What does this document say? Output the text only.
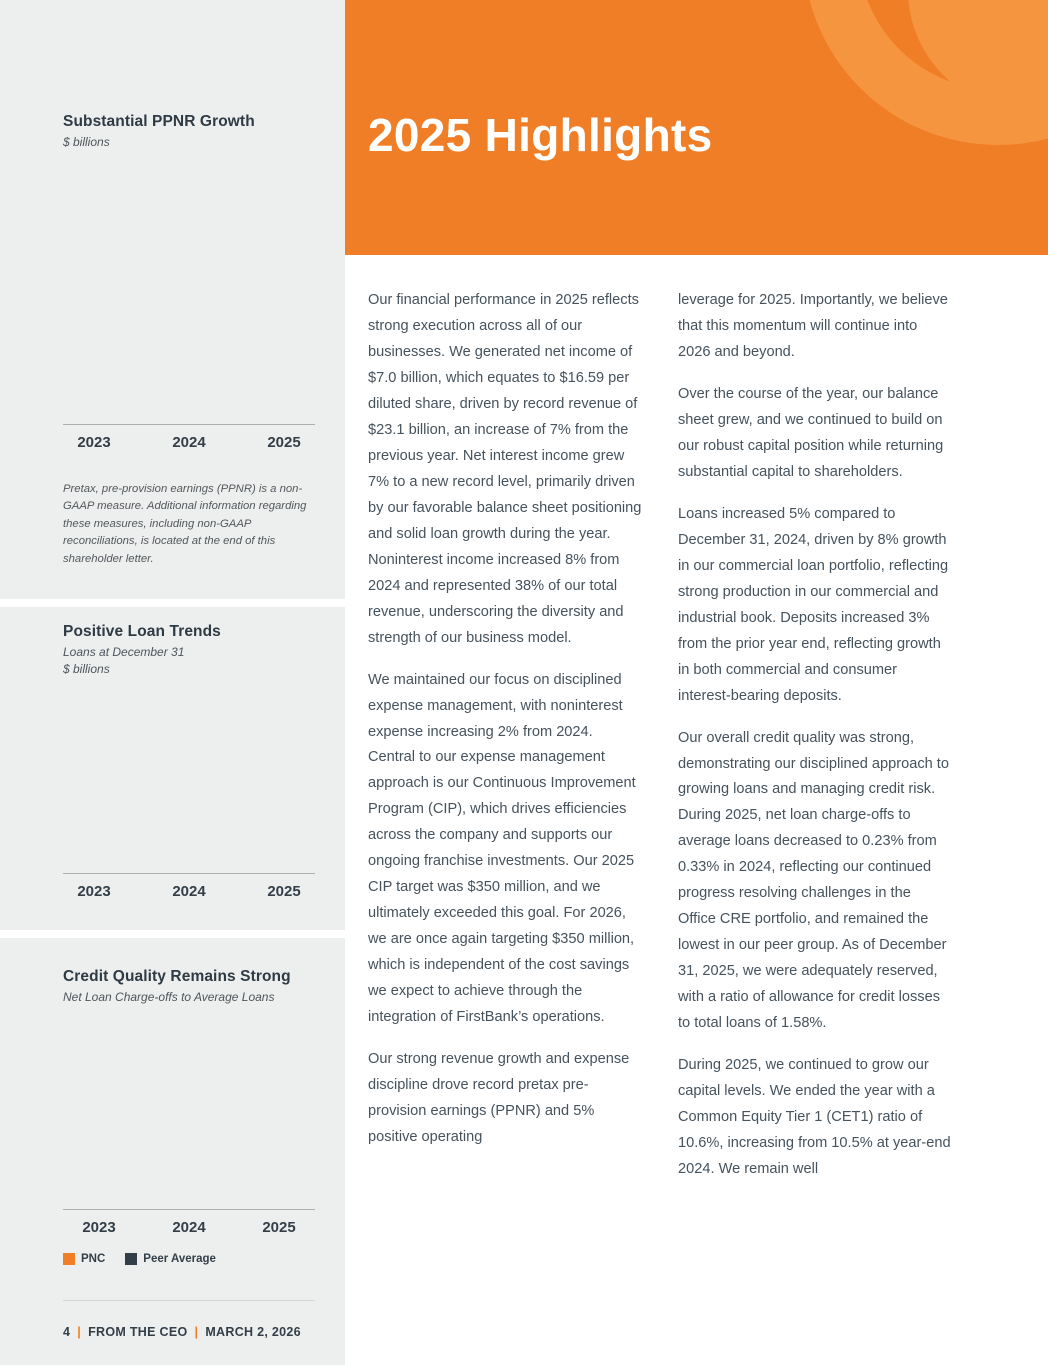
Substantial PPNR Growth
$ billions
2023	2024	2025

Pretax, pre-provision earnings (PPNR) is a non-GAAP measure. Additional information regarding these measures, including non-GAAP reconciliations, is located at the end of this shareholder letter.

Positive Loan Trends
Loans at December 31
$ billions
2023	2024	2025
Credit Quality Remains Strong
Net Loan Charge-offs to Average Loans
2023	2024	2025
PNC	Peer Average
4 | FROM THE CEO | MARCH 2, 2026
2025 Highlights

Our financial performance in 2025 reflects strong execution across all of our businesses. We generated net income of $7.0 billion, which equates to $16.59 per diluted share, driven by record revenue of $23.1 billion, an increase of 7% from the previous year. Net interest income grew 7% to a new record level, primarily driven by our favorable balance sheet positioning and solid loan growth during the year. Noninterest income increased 8% from 2024 and represented 38% of our total revenue, underscoring the diversity and strength of our business model.

We maintained our focus on disciplined expense management, with noninterest expense increasing 2% from 2024. Central to our expense management approach is our Continuous Improvement Program (CIP), which drives efficiencies across the company and supports our ongoing franchise investments. Our 2025 CIP target was $350 million, and we ultimately exceeded this goal. For 2026, we are once again targeting $350 million, which is independent of the cost savings we expect to achieve through the integration of FirstBank’s operations.

Our strong revenue growth and expense discipline drove record pretax pre-provision earnings (PPNR) and 5% positive operating

leverage for 2025. Importantly, we believe that this momentum will continue into 2026 and beyond.

Over the course of the year, our balance sheet grew, and we continued to build on our robust capital position while returning substantial capital to shareholders.

Loans increased 5% compared to December 31, 2024, driven by 8% growth in our commercial loan portfolio, reflecting strong production in our commercial and industrial book. Deposits increased 3% from the prior year end, reflecting growth in both commercial and consumer interest-bearing deposits.

Our overall credit quality was strong, demonstrating our disciplined approach to growing loans and managing credit risk. During 2025, net loan charge-offs to average loans decreased to 0.23% from 0.33% in 2024, reflecting our continued progress resolving challenges in the Office CRE portfolio, and remained the lowest in our peer group. As of December 31, 2025, we were adequately reserved, with a ratio of allowance for credit losses to total loans of 1.58%.

During 2025, we continued to grow our capital levels. We ended the year with a Common Equity Tier 1 (CET1) ratio of 10.6%, increasing from 10.5% at year-end 2024. We remain well
